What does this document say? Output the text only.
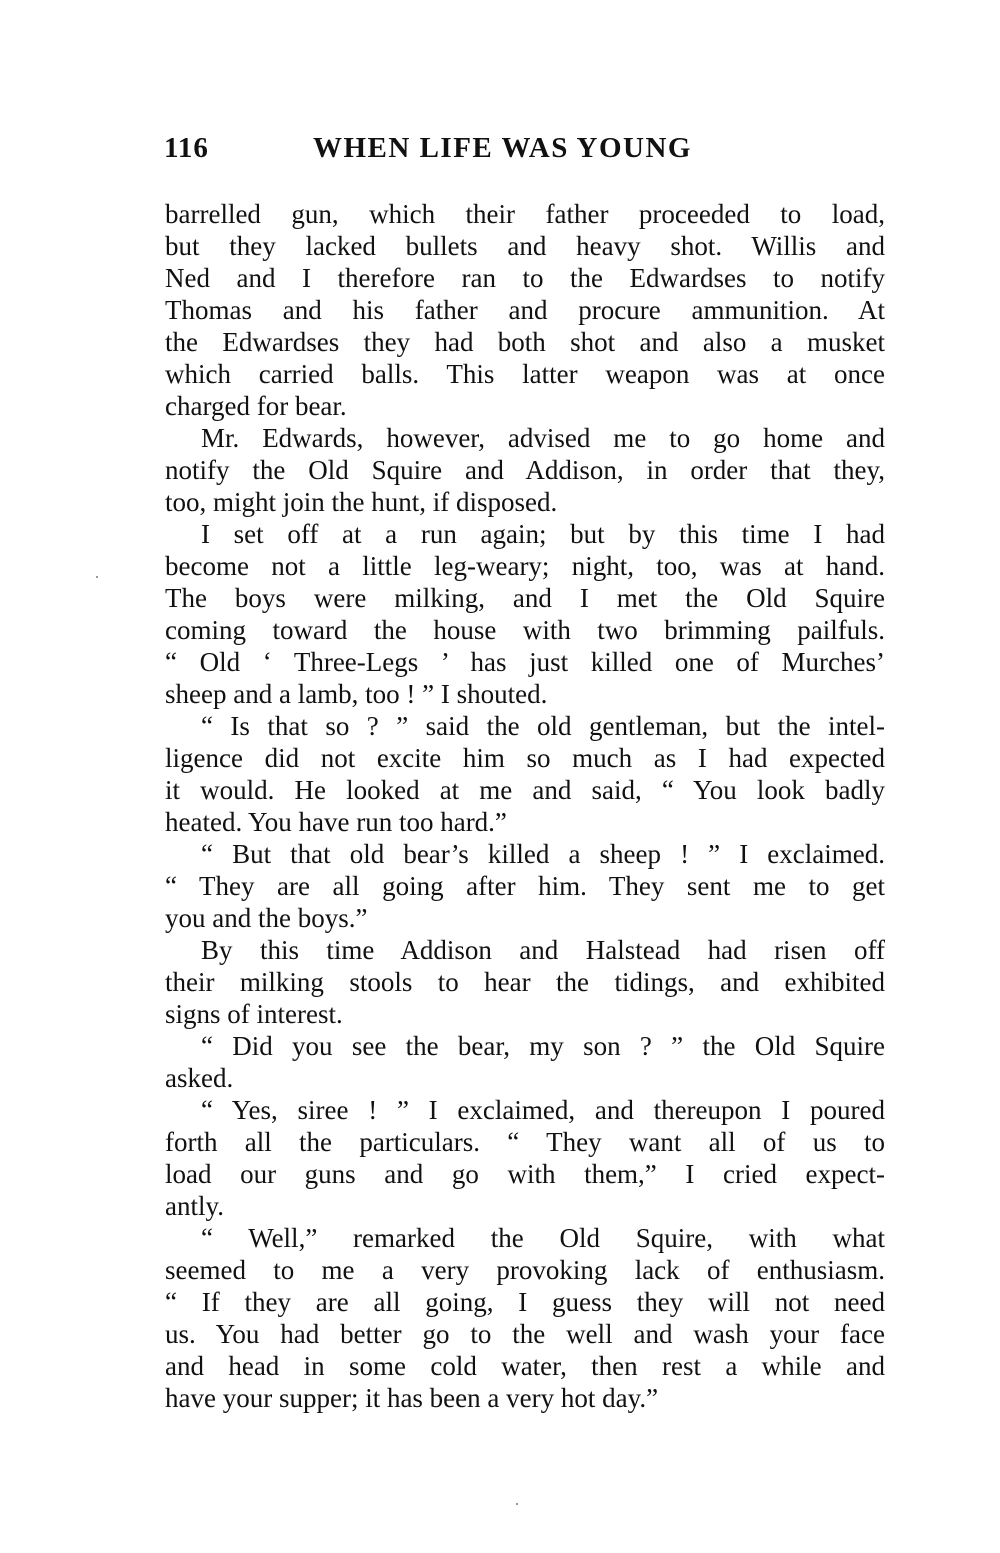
116	WHEN LIFE WAS YOUNG
barrelled gun, which their father proceeded to load,
but they lacked bullets and heavy shot. Willis and
Ned and I therefore ran to the Edwardses to notify
Thomas and his father and procure ammunition. At
the Edwardses they had both shot and also a musket
which carried balls. This latter weapon was at once
charged for bear.
Mr. Edwards, however, advised me to go home and
notify the Old Squire and Addison, in order that they,
too, might join the hunt, if disposed.
I set off at a run again; but by this time I had
become not a little leg-weary; night, too, was at hand.
The boys were milking, and I met the Old Squire
coming toward the house with two brimming pailfuls.
“ Old ‘ Three-Legs ’ has just killed one of Murches’
sheep and a lamb, too ! ” I shouted.
“ Is that so ? ” said the old gentleman, but the intel-
ligence did not excite him so much as I had expected
it would. He looked at me and said, “ You look badly
heated. You have run too hard.”
“ But that old bear’s killed a sheep ! ” I exclaimed.
“ They are all going after him. They sent me to get
you and the boys.”
By this time Addison and Halstead had risen off
their milking stools to hear the tidings, and exhibited
signs of interest.
“ Did you see the bear, my son ? ” the Old Squire
asked.
“ Yes, siree ! ” I exclaimed, and thereupon I poured
forth all the particulars. “ They want all of us to
load our guns and go with them,” I cried expect-
antly.
“ Well,” remarked the Old Squire, with what
seemed to me a very provoking lack of enthusiasm.
“ If they are all going, I guess they will not need
us. You had better go to the well and wash your face
and head in some cold water, then rest a while and
have your supper; it has been a very hot day.”
